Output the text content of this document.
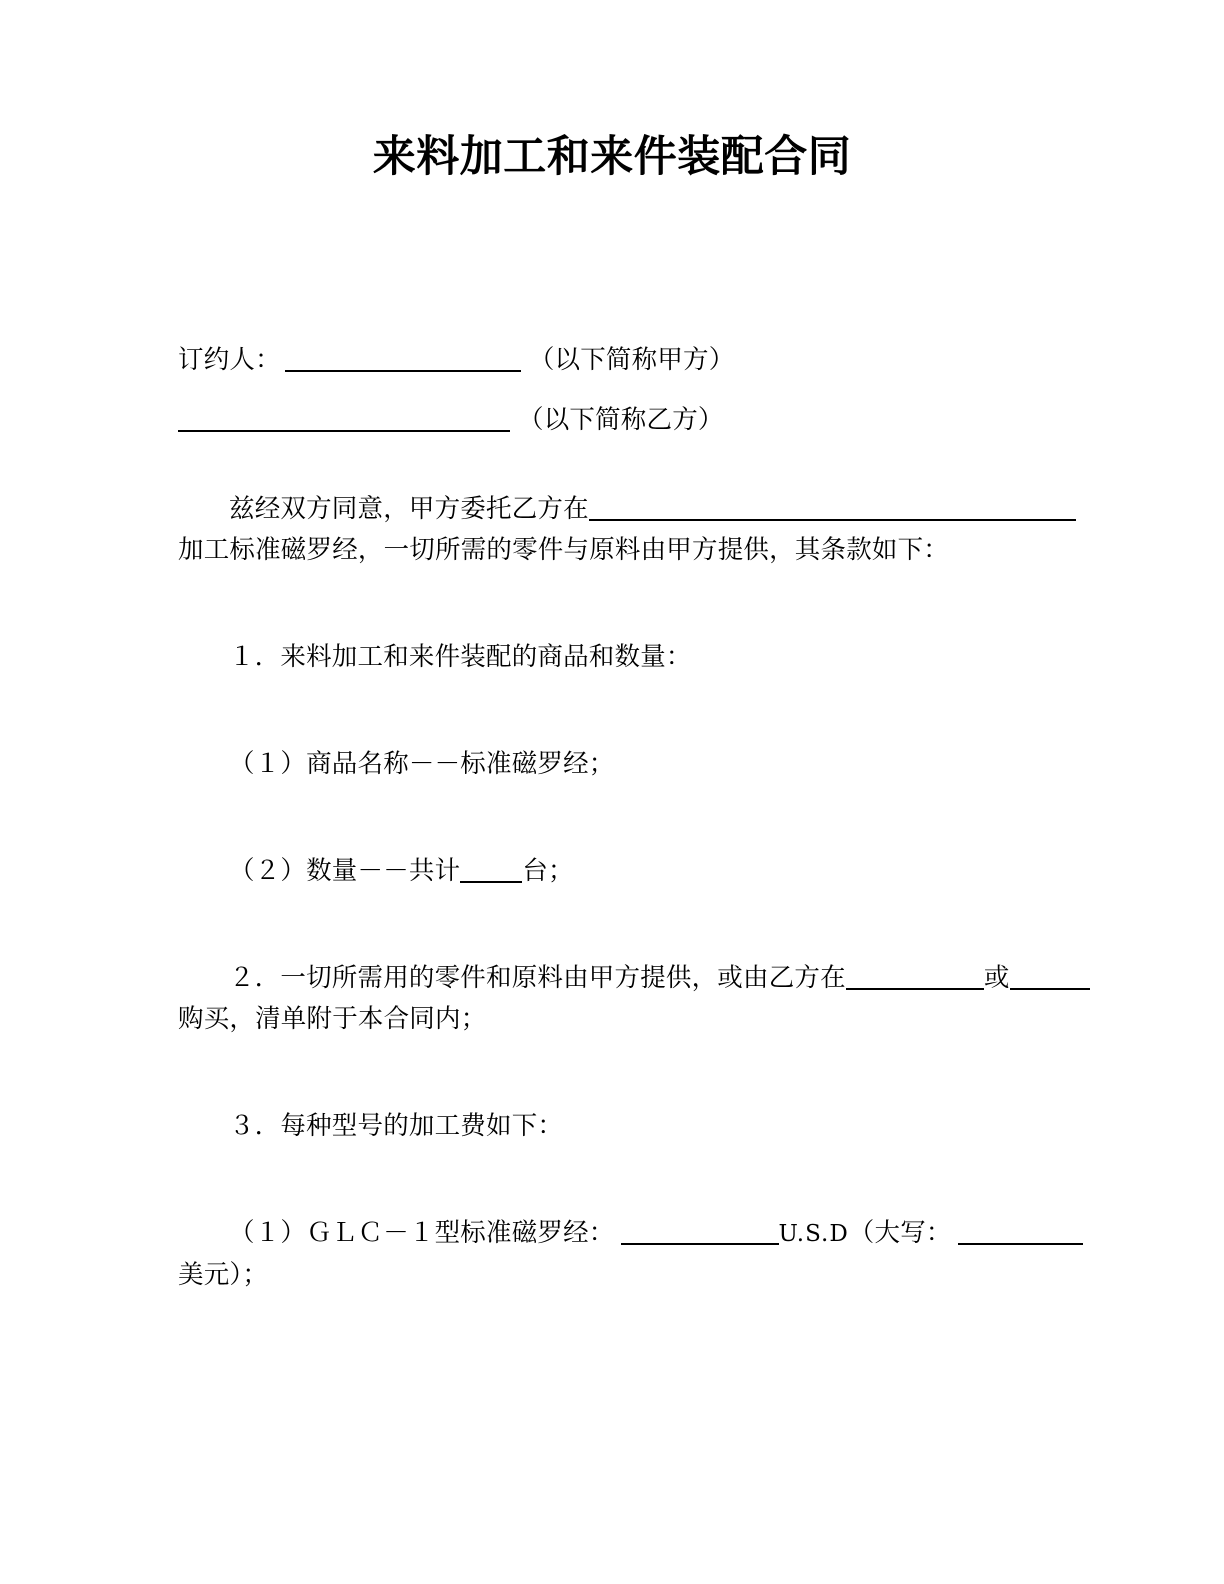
来料加工和来件装配合同
订约人：	（以下简称甲方）
（以下简称乙方）
兹经双方同意，甲方委托乙方在
加工标准磁罗经，一切所需的零件与原料由甲方提供，其条款如下：
１．来料加工和来件装配的商品和数量：
（１）商品名称－－标准磁罗经；
（２）数量－－共计 台；
２．一切所需用的零件和原料由甲方提供，或由乙方在	或
购买，清单附于本合同内；
３．每种型号的加工费如下：
（１）ＧＬＣ－１型标准磁罗经：	U.S.D（大写：
美元）；
